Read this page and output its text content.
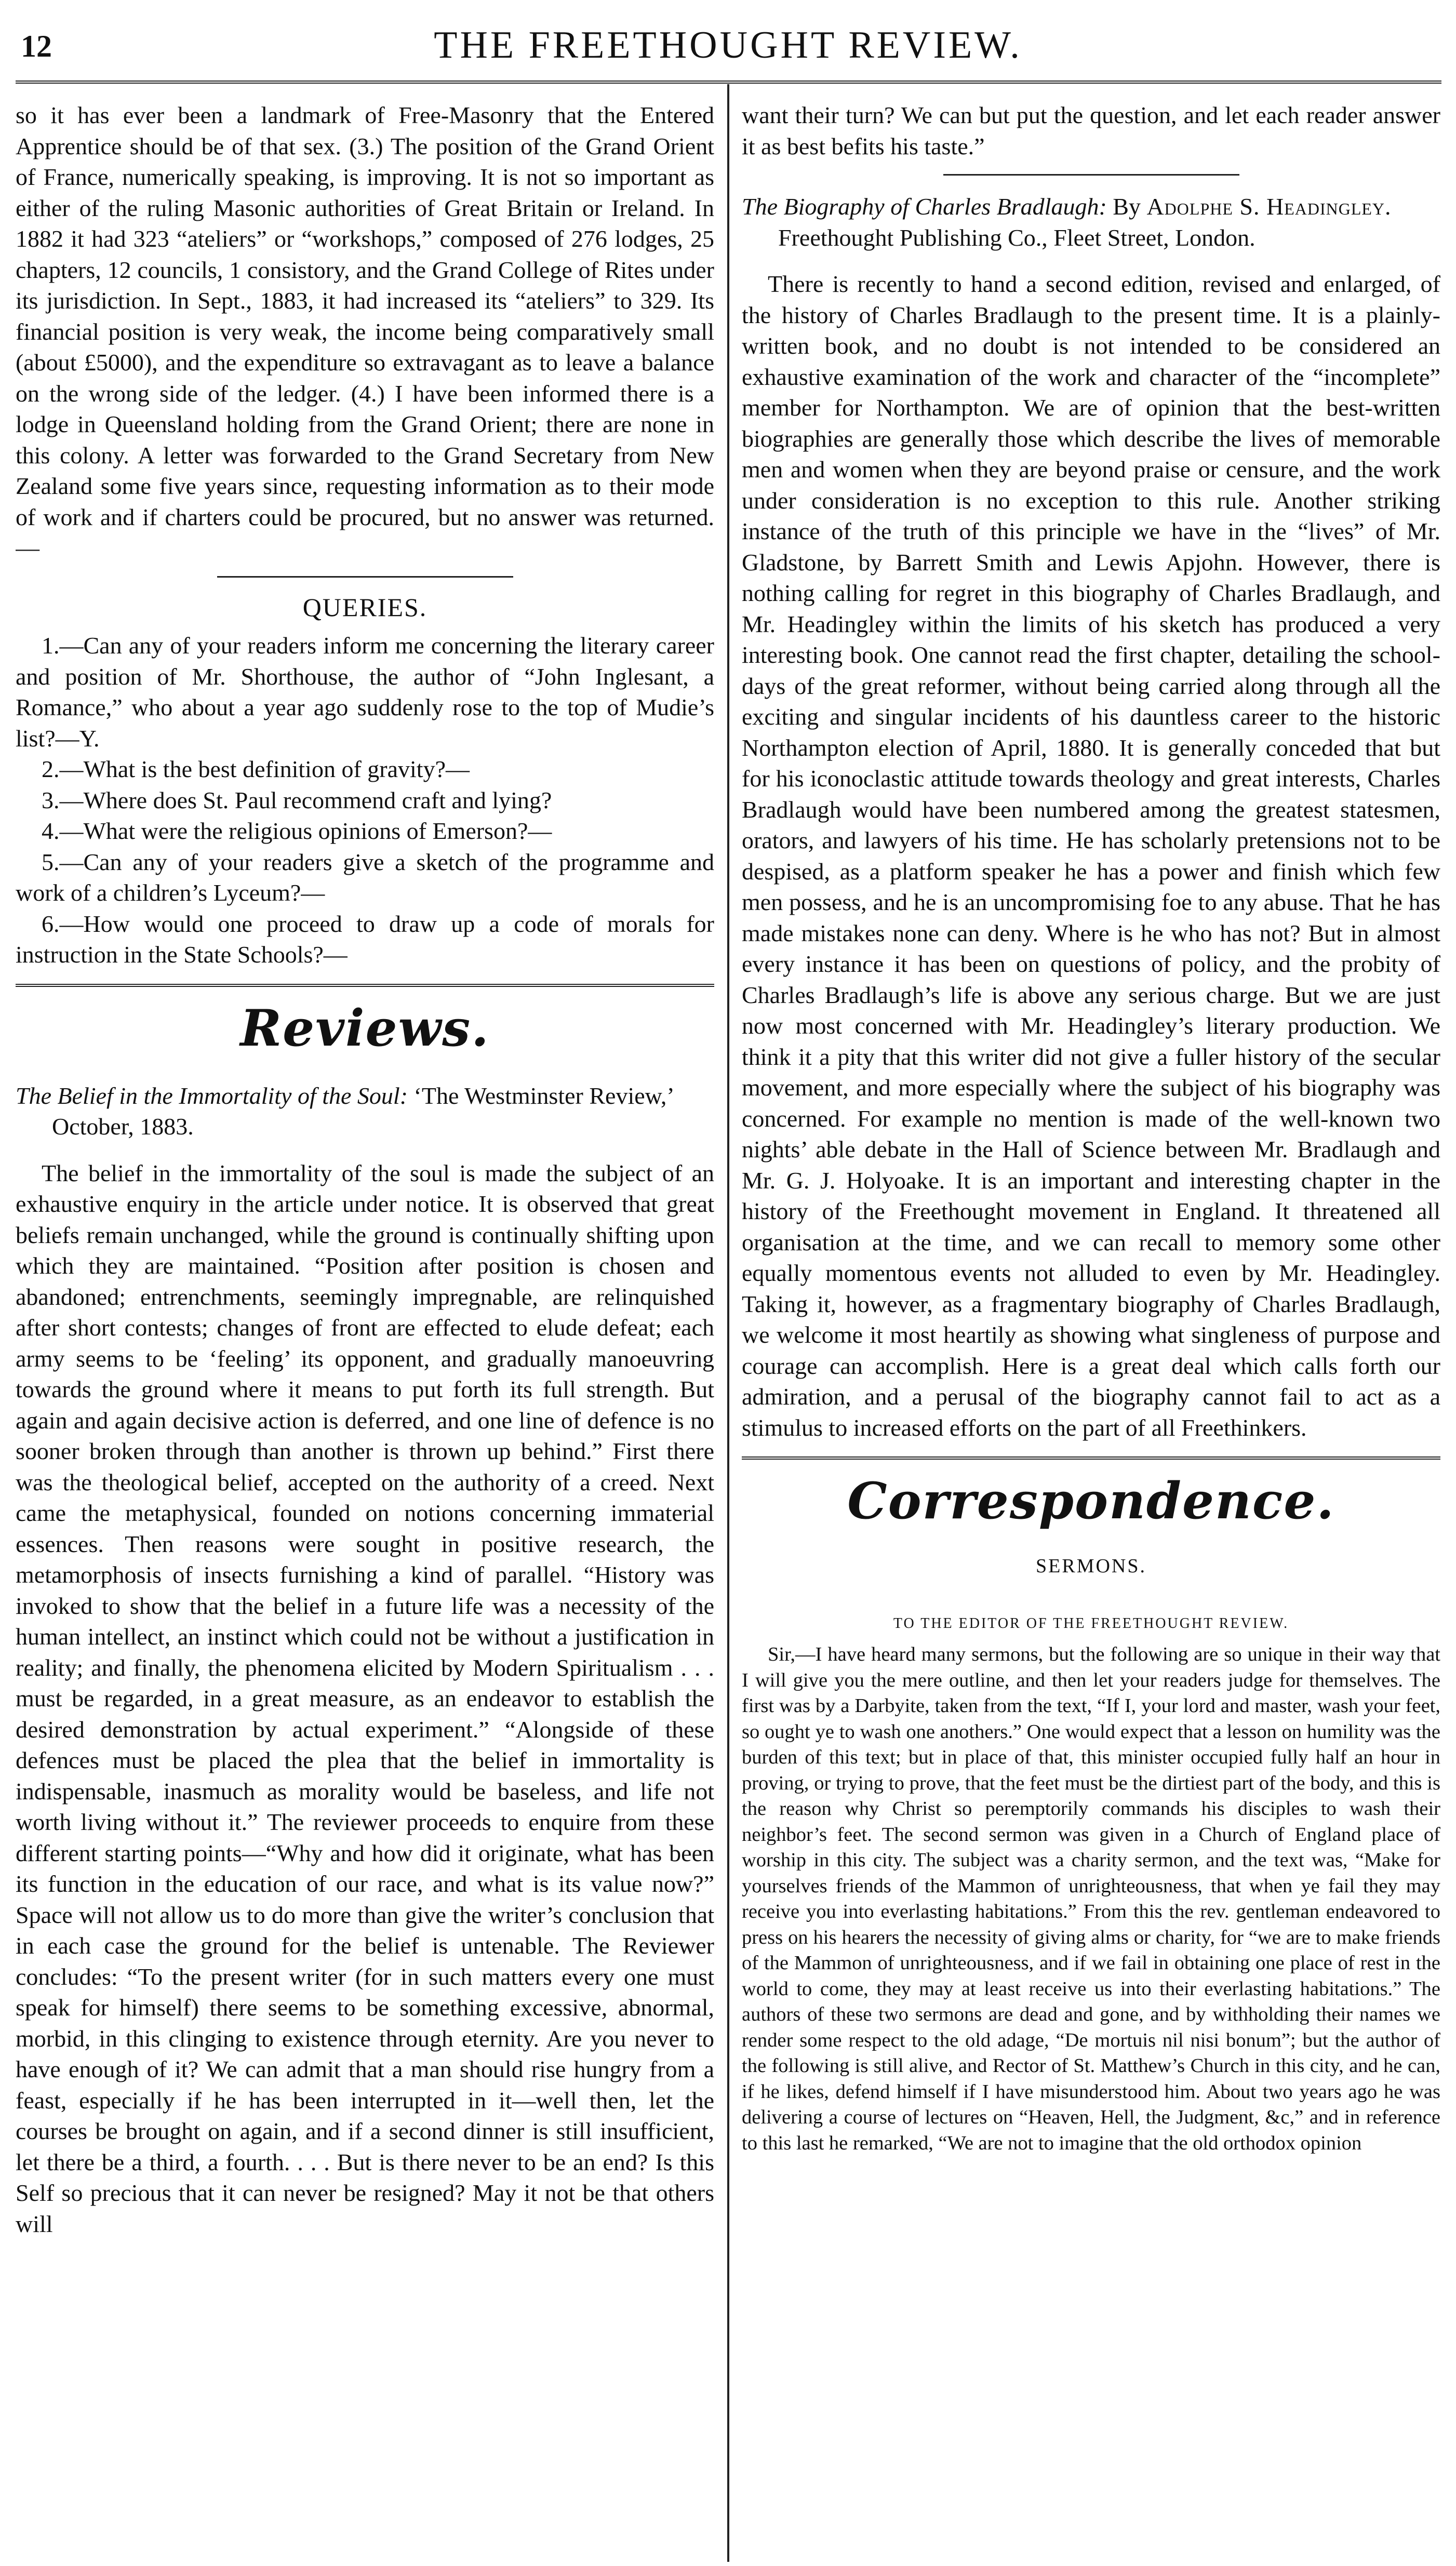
12	THE FREETHOUGHT REVIEW.

so it has ever been a landmark of Free-Masonry that the Entered Apprentice should be of that sex. (3.) The position of the Grand Orient of France, numerically speaking, is improving. It is not so important as either of the ruling Masonic authorities of Great Britain or Ireland. In 1882 it had 323 “ateliers” or “workshops,” composed of 276 lodges, 25 chapters, 12 councils, 1 consistory, and the Grand College of Rites under its jurisdiction. In Sept., 1883, it had increased its “ateliers” to 329. Its financial position is very weak, the income being comparatively small (about £5000), and the expenditure so extravagant as to leave a balance on the wrong side of the ledger. (4.) I have been informed there is a lodge in Queensland holding from the Grand Orient; there are none in this colony. A letter was forwarded to the Grand Secretary from New Zealand some five years since, requesting information as to their mode of work and if charters could be procured, but no answer was returned.—

QUERIES.

1.—Can any of your readers inform me concerning the literary career and position of Mr. Shorthouse, the author of “John Inglesant, a Romance,” who about a year ago suddenly rose to the top of Mudie’s list?—Y.

2.—What is the best definition of gravity?—

3.—Where does St. Paul recommend craft and lying?

4.—What were the religious opinions of Emerson?—

5.—Can any of your readers give a sketch of the programme and work of a children’s Lyceum?—

6.—How would one proceed to draw up a code of morals for instruction in the State Schools?—

Reviews.

The Belief in the Immortality of the Soul: ‘The Westminster Review,’ October, 1883.

The belief in the immortality of the soul is made the subject of an exhaustive enquiry in the article under notice. It is observed that great beliefs remain unchanged, while the ground is continually shifting upon which they are maintained. “Position after position is chosen and abandoned; entrenchments, seemingly impregnable, are relinquished after short contests; changes of front are effected to elude defeat; each army seems to be ‘feeling’ its opponent, and gradually manoeuvring towards the ground where it means to put forth its full strength. But again and again decisive action is deferred, and one line of defence is no sooner broken through than another is thrown up behind.” First there was the theological belief, accepted on the authority of a creed. Next came the metaphysical, founded on notions concerning immaterial essences. Then reasons were sought in positive research, the metamorphosis of insects furnishing a kind of parallel. “History was invoked to show that the belief in a future life was a necessity of the human intellect, an instinct which could not be without a justification in reality; and finally, the phenomena elicited by Modern Spiritualism . . . must be regarded, in a great measure, as an endeavor to establish the desired demonstration by actual experiment.” “Alongside of these defences must be placed the plea that the belief in immortality is indispensable, inasmuch as morality would be baseless, and life not worth living without it.” The reviewer proceeds to enquire from these different starting points—“Why and how did it originate, what has been its function in the education of our race, and what is its value now?” Space will not allow us to do more than give the writer’s conclusion that in each case the ground for the belief is untenable. The Reviewer concludes: “To the present writer (for in such matters every one must speak for himself) there seems to be something excessive, abnormal, morbid, in this clinging to existence through eternity. Are you never to have enough of it? We can admit that a man should rise hungry from a feast, especially if he has been interrupted in it—well then, let the courses be brought on again, and if a second dinner is still insufficient, let there be a third, a fourth. . . . But is there never to be an end? Is this Self so precious that it can never be resigned? May it not be that others will

want their turn? We can but put the question, and let each reader answer it as best befits his taste.”

The Biography of Charles Bradlaugh: By Adolphe S. Headingley. Freethought Publishing Co., Fleet Street, London.

There is recently to hand a second edition, revised and enlarged, of the history of Charles Bradlaugh to the present time. It is a plainly-written book, and no doubt is not intended to be considered an exhaustive examination of the work and character of the “incomplete” member for Northampton. We are of opinion that the best-written biographies are generally those which describe the lives of memorable men and women when they are beyond praise or censure, and the work under consideration is no exception to this rule. Another striking instance of the truth of this principle we have in the “lives” of Mr. Gladstone, by Barrett Smith and Lewis Apjohn. However, there is nothing calling for regret in this biography of Charles Bradlaugh, and Mr. Headingley within the limits of his sketch has produced a very interesting book. One cannot read the first chapter, detailing the school-days of the great reformer, without being carried along through all the exciting and singular incidents of his dauntless career to the historic Northampton election of April, 1880. It is generally conceded that but for his iconoclastic attitude towards theology and great interests, Charles Bradlaugh would have been numbered among the greatest statesmen, orators, and lawyers of his time. He has scholarly pretensions not to be despised, as a platform speaker he has a power and finish which few men possess, and he is an uncompromising foe to any abuse. That he has made mistakes none can deny. Where is he who has not? But in almost every instance it has been on questions of policy, and the probity of Charles Bradlaugh’s life is above any serious charge. But we are just now most concerned with Mr. Headingley’s literary production. We think it a pity that this writer did not give a fuller history of the secular movement, and more especially where the subject of his biography was concerned. For example no mention is made of the well-known two nights’ able debate in the Hall of Science between Mr. Bradlaugh and Mr. G. J. Holyoake. It is an important and interesting chapter in the history of the Freethought movement in England. It threatened all organisation at the time, and we can recall to memory some other equally momentous events not alluded to even by Mr. Headingley. Taking it, however, as a fragmentary biography of Charles Bradlaugh, we welcome it most heartily as showing what singleness of purpose and courage can accomplish. Here is a great deal which calls forth our admiration, and a perusal of the biography cannot fail to act as a stimulus to increased efforts on the part of all Freethinkers.

Correspondence.
SERMONS.
TO THE EDITOR OF THE FREETHOUGHT REVIEW.

Sir,—I have heard many sermons, but the following are so unique in their way that I will give you the mere outline, and then let your readers judge for themselves. The first was by a Darbyite, taken from the text, “If I, your lord and master, wash your feet, so ought ye to wash one anothers.” One would expect that a lesson on humility was the burden of this text; but in place of that, this minister occupied fully half an hour in proving, or trying to prove, that the feet must be the dirtiest part of the body, and this is the reason why Christ so peremptorily commands his disciples to wash their neighbor’s feet. The second sermon was given in a Church of England place of worship in this city. The subject was a charity sermon, and the text was, “Make for yourselves friends of the Mammon of unrighteousness, that when ye fail they may receive you into everlasting habitations.” From this the rev. gentleman endeavored to press on his hearers the necessity of giving alms or charity, for “we are to make friends of the Mammon of unrighteousness, and if we fail in obtaining one place of rest in the world to come, they may at least receive us into their everlasting habitations.” The authors of these two sermons are dead and gone, and by withholding their names we render some respect to the old adage, “De mortuis nil nisi bonum”; but the author of the following is still alive, and Rector of St. Matthew’s Church in this city, and he can, if he likes, defend himself if I have misunderstood him. About two years ago he was delivering a course of lectures on “Heaven, Hell, the Judgment, &c,” and in reference to this last he remarked, “We are not to imagine that the old orthodox opinion
